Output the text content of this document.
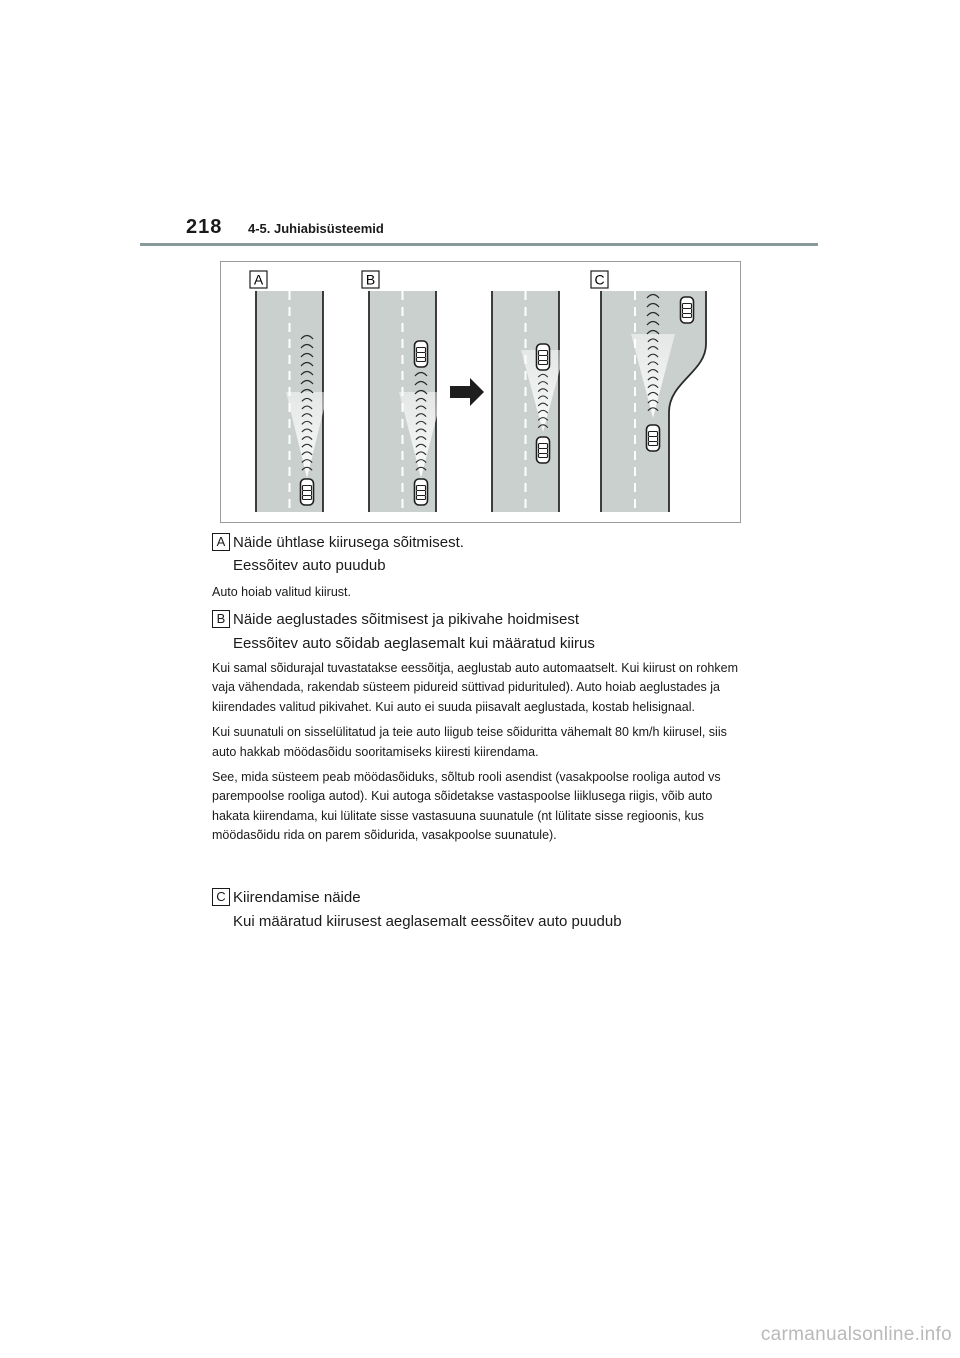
218 4-5. Juhiabisüsteemid
A	B	C
A Näide ühtlase kiirusega sõitmisest.
Eessõitev auto puudub

Auto hoiab valitud kiirust.

B Näide aeglustades sõitmisest ja pikivahe hoidmisest
Eessõitev auto sõidab aeglasemalt kui määratud kiirus

Kui samal sõidurajal tuvastatakse eessõitja, aeglustab auto automaatselt. Kui kiirust on rohkem vaja vähendada, rakendab süsteem pidureid süttivad pidurituled). Auto hoiab aeglustades ja kiirendades valitud pikivahet. Kui auto ei suuda piisavalt aeglustada, kostab helisignaal.

Kui suunatuli on sisselülitatud ja teie auto liigub teise sõiduritta vähemalt 80 km/h kiirusel, siis auto hakkab möödasõidu sooritamiseks kiiresti kiirendama.

See, mida süsteem peab möödasõiduks, sõltub rooli asendist (vasakpoolse rooliga autod vs parempoolse rooliga autod). Kui autoga sõidetakse vastaspoolse liiklusega riigis, võib auto hakata kiirendama, kui lülitate sisse vastasuuna suunatule (nt lülitate sisse regioonis, kus möödasõidu rida on parem sõidurida, vasakpoolse suunatule).

C Kiirendamise näide
Kui määratud kiirusest aeglasemalt eessõitev auto puudub
carmanualsonline.info
